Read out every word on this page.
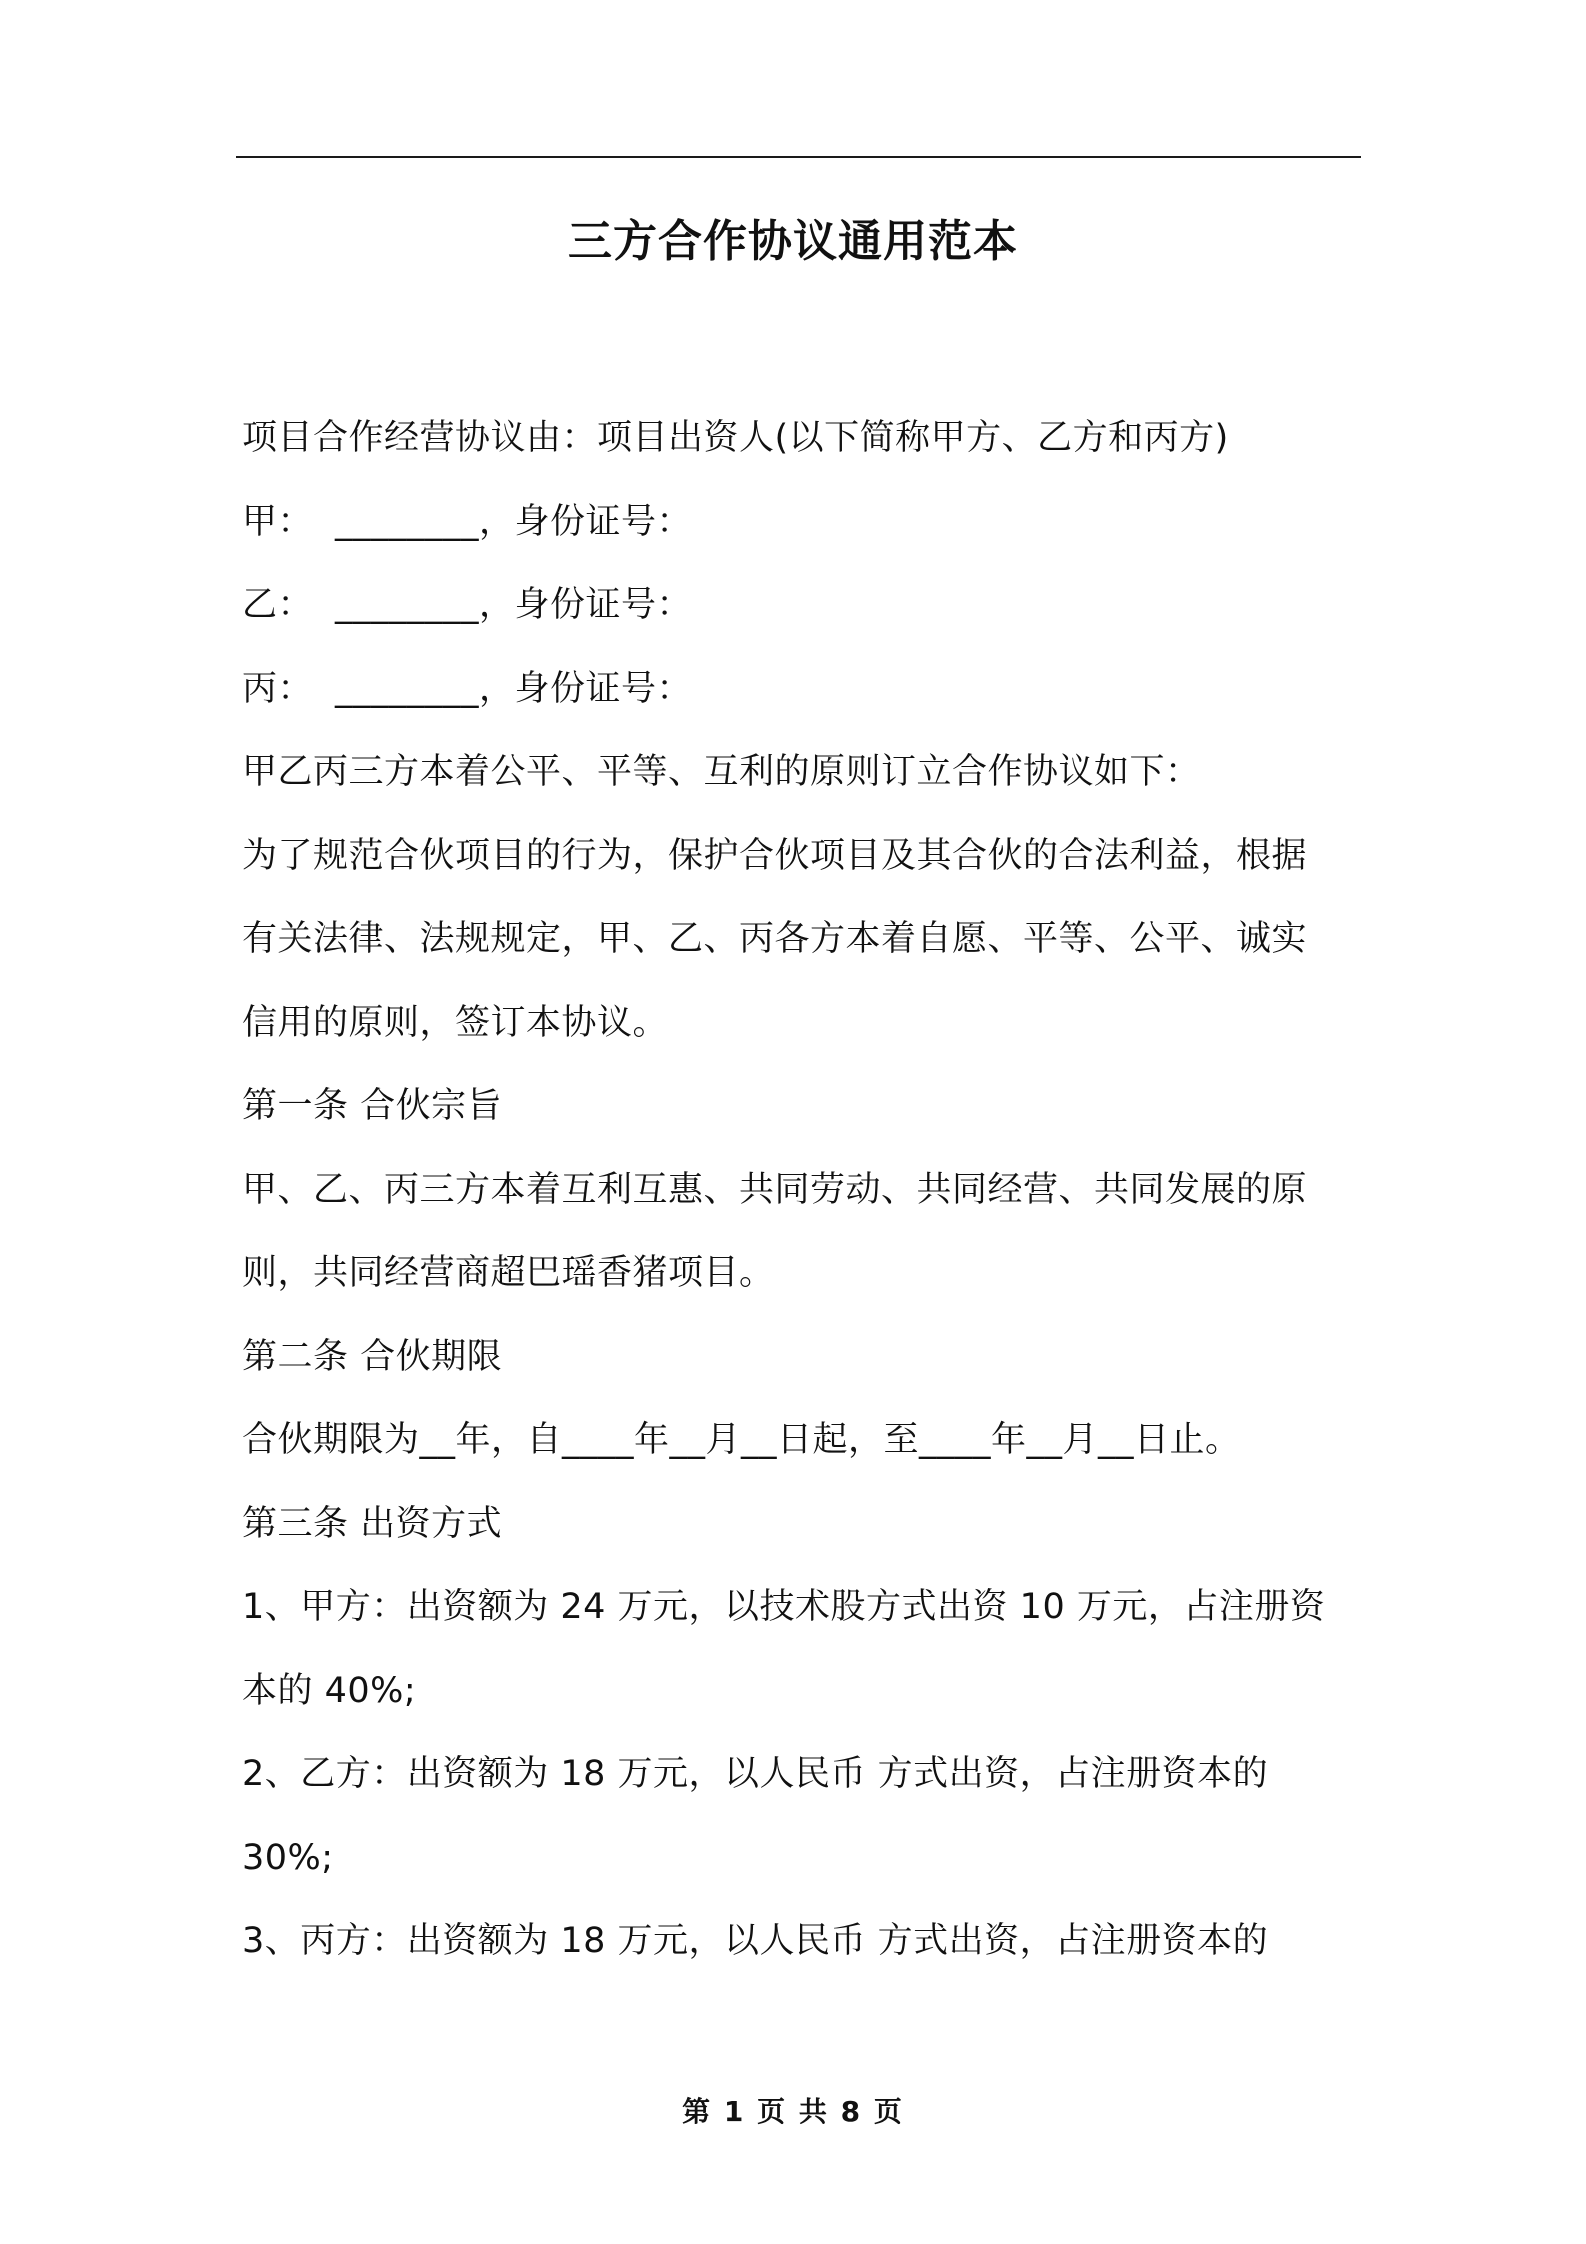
三方合作协议通用范本
项目合作经营协议由：项目出资人(以下简称甲方、乙方和丙方)
甲： ________，身份证号：
乙： ________，身份证号：
丙： ________，身份证号：
甲乙丙三方本着公平、平等、互利的原则订立合作协议如下：
为了规范合伙项目的行为，保护合伙项目及其合伙的合法利益，根据
有关法律、法规规定，甲、乙、丙各方本着自愿、平等、公平、诚实
信用的原则，签订本协议。
第一条 合伙宗旨
甲、乙、丙三方本着互利互惠、共同劳动、共同经营、共同发展的原
则，共同经营商超巴瑶香猪项目。
第二条 合伙期限
合伙期限为__年，自____年__月__日起，至____年__月__日止。
第三条 出资方式
1、甲方：出资额为 24 万元，以技术股方式出资 10 万元，占注册资
本的 40%;
2、乙方：出资额为 18 万元，以人民币 方式出资，占注册资本的
30%;
3、丙方：出资额为 18 万元，以人民币 方式出资，占注册资本的
第 1 页 共 8 页
